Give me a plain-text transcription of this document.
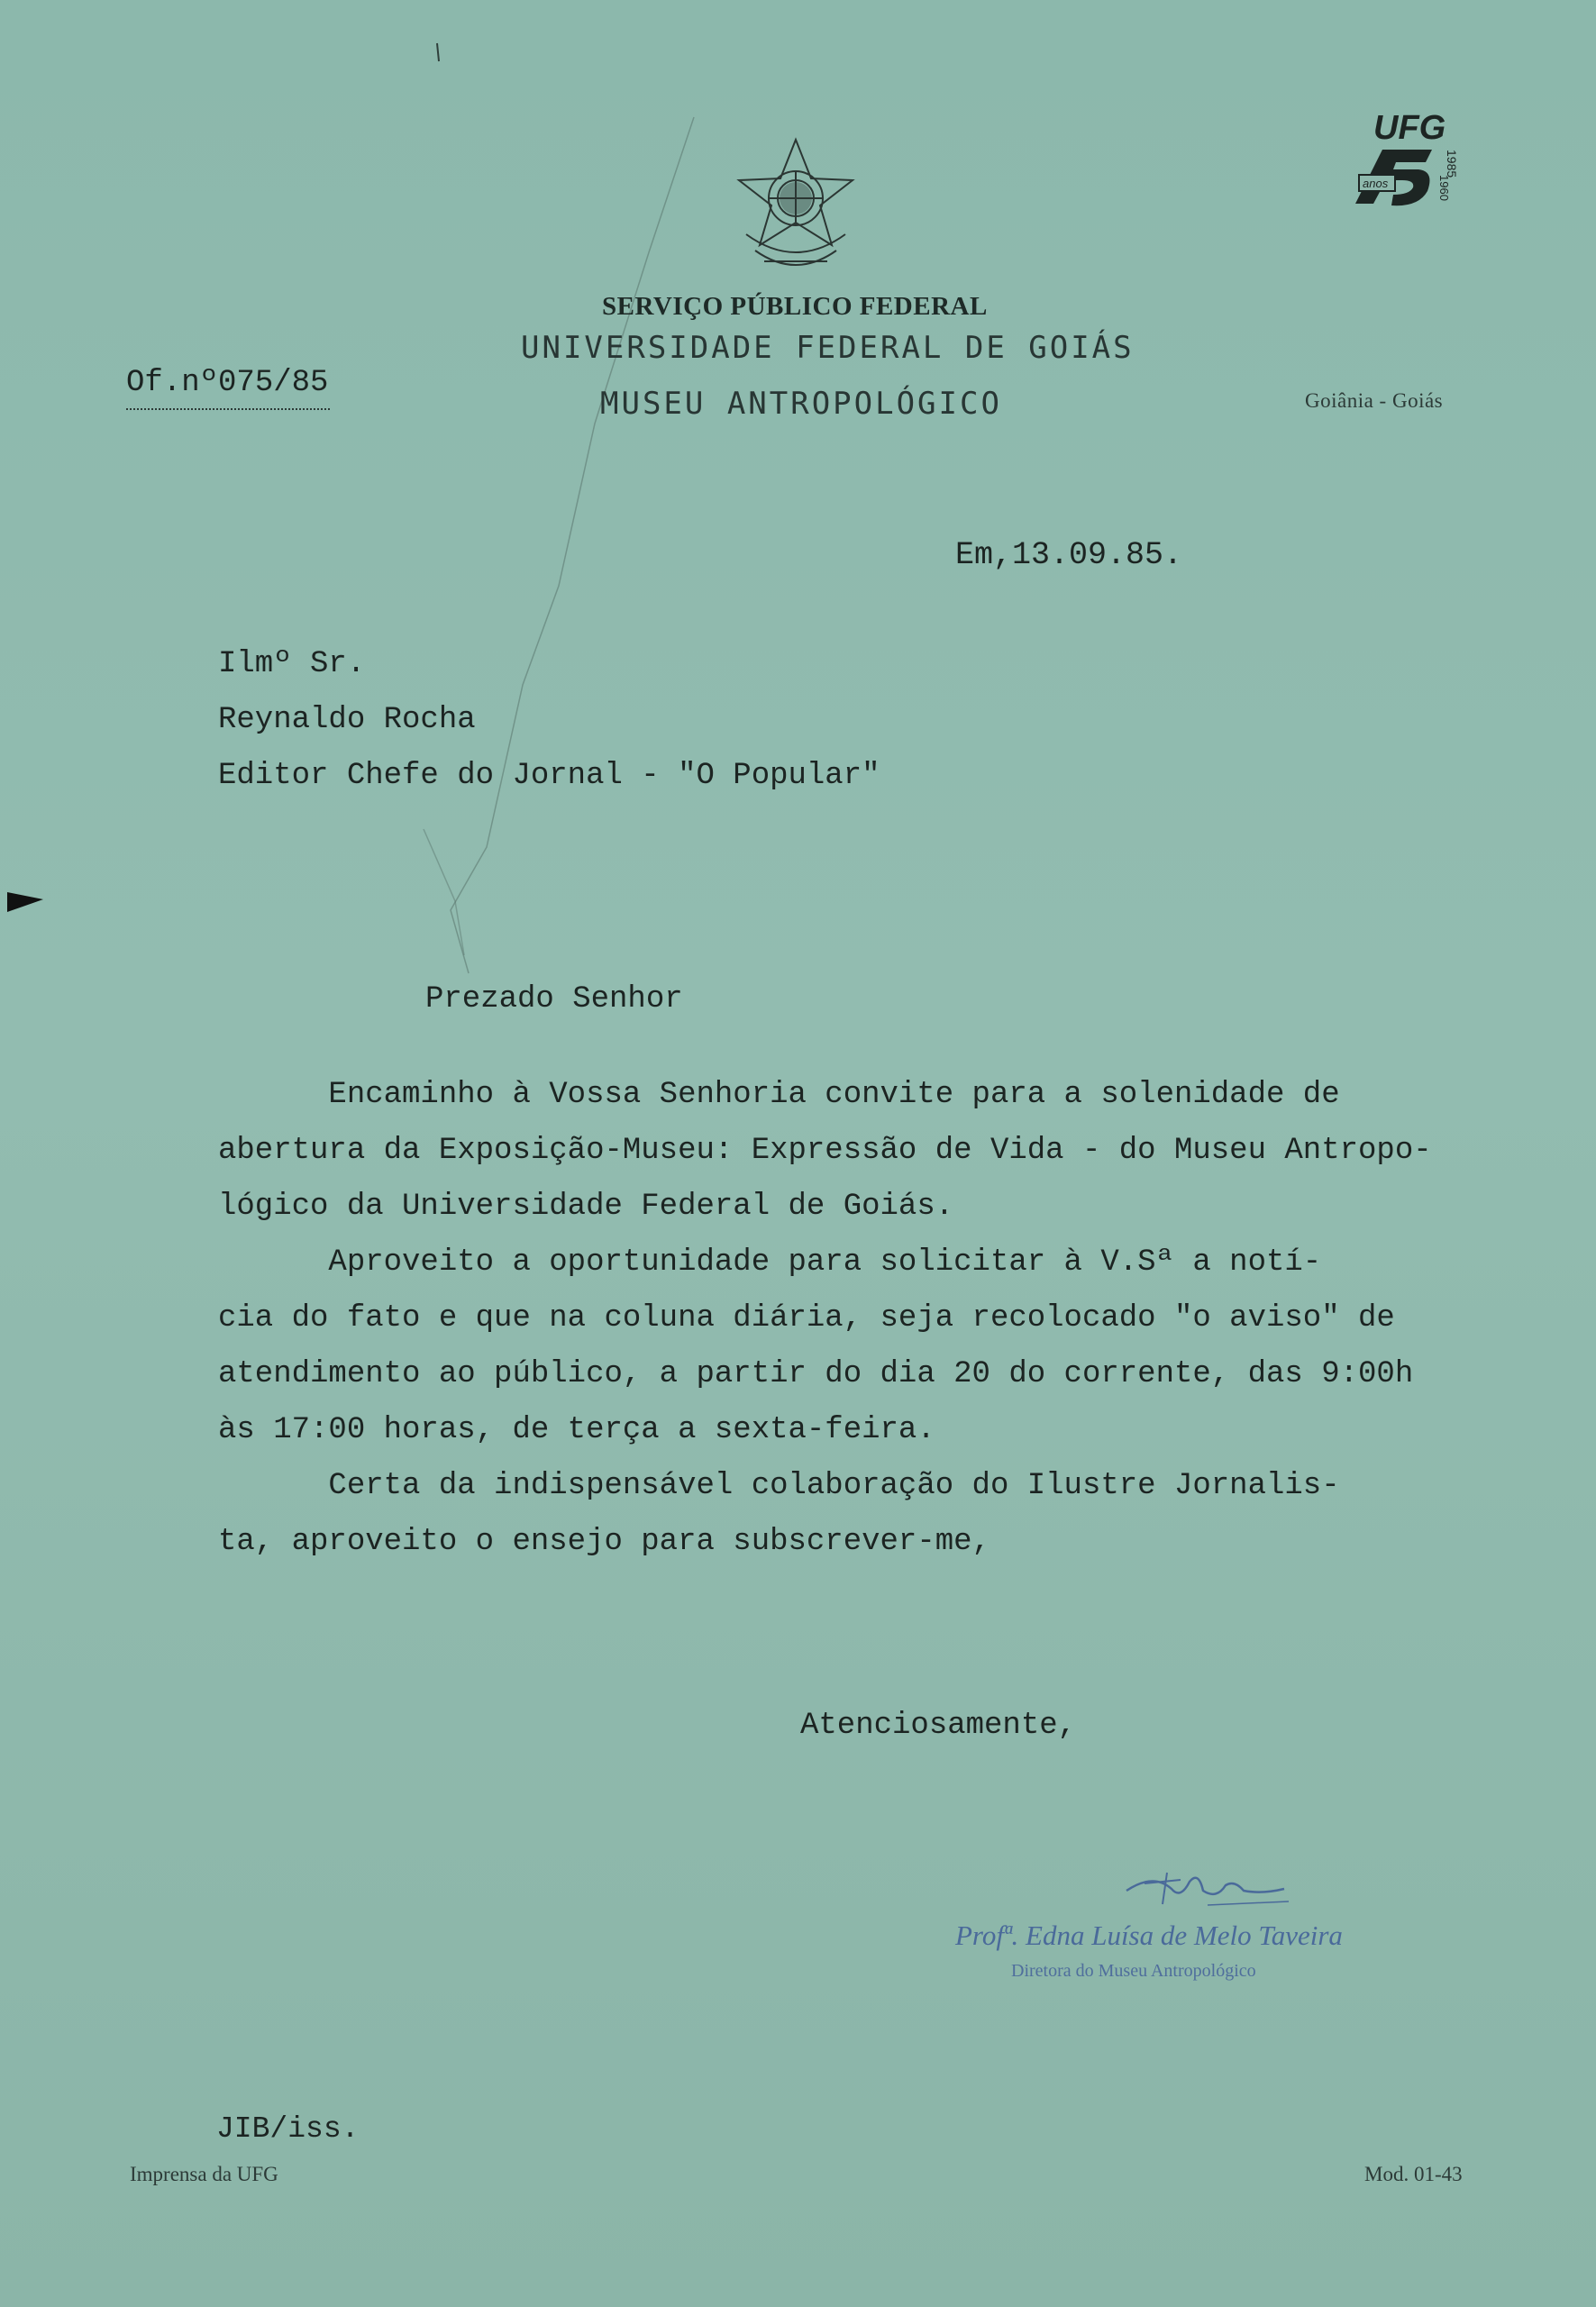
UFG
1985
anos	1960
SERVIÇO PÚBLICO FEDERAL
UNIVERSIDADE FEDERAL DE GOIÁS
MUSEU ANTROPOLÓGICO	Goiânia - Goiás
Of.nº075/85
Em,13.09.85.
Ilmº Sr.
Reynaldo Rocha
Editor Chefe do Jornal - "O Popular"
Prezado Senhor
Encaminho à Vossa Senhoria convite para a solenidade de
abertura da Exposição-Museu: Expressão de Vida - do Museu Antropo-
lógico da Universidade Federal de Goiás.
Aproveito a oportunidade para solicitar à V.Sª a notí-
cia do fato e que na coluna diária, seja recolocado "o aviso" de
atendimento ao público, a partir do dia 20 do corrente, das 9:00h
às 17:00 horas, de terça a sexta-feira.
Certa da indispensável colaboração do Ilustre Jornalis-
ta, aproveito o ensejo para subscrever-me,
Atenciosamente,
Profª. Edna Luísa de Melo Taveira
Diretora do Museu Antropológico
JIB/iss.
Imprensa da UFG	Mod. 01-43
